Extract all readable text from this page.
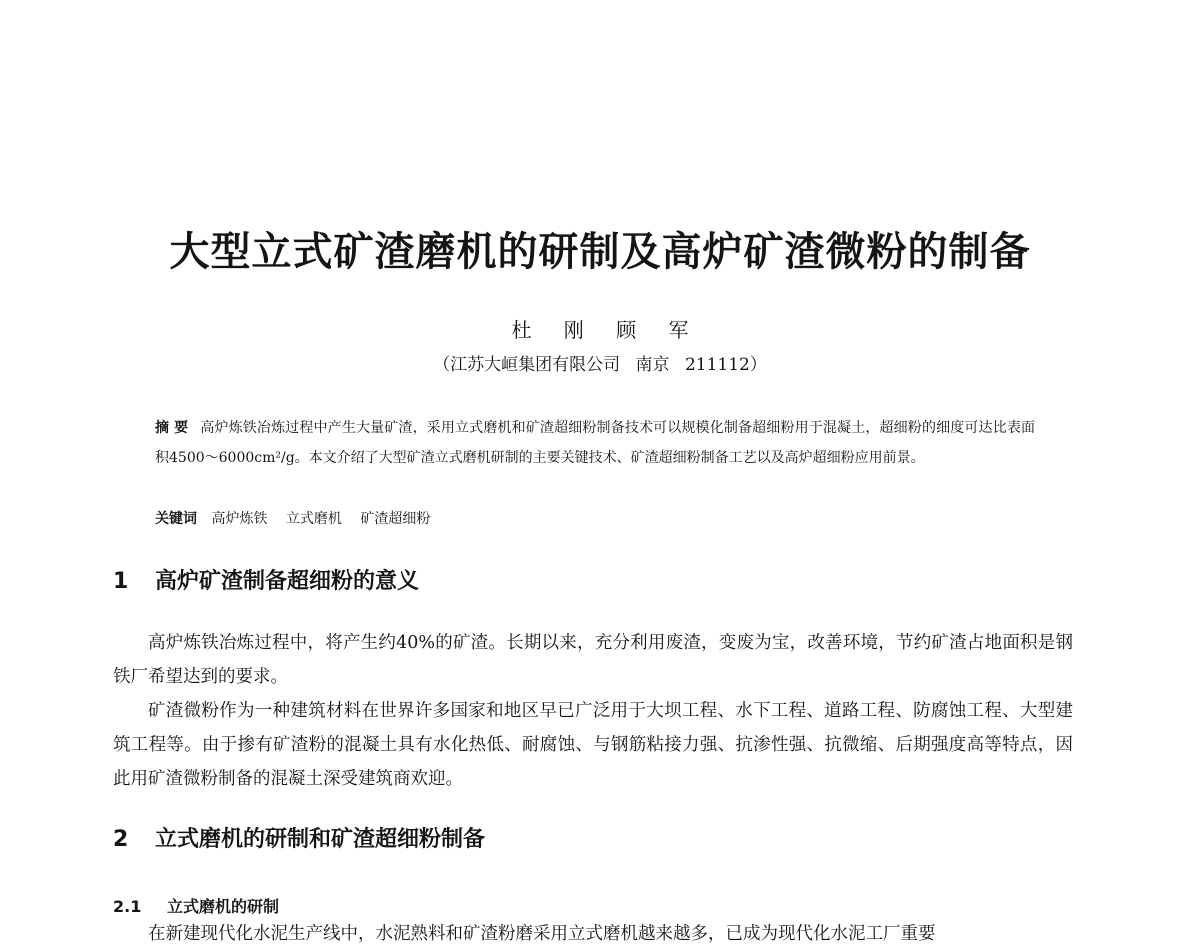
大型立式矿渣磨机的研制及高炉矿渣微粉的制备
杜 刚 顾 军
（江苏大峘集团有限公司 南京 211112）
摘 要 高炉炼铁冶炼过程中产生大量矿渣，采用立式磨机和矿渣超细粉制备技术可以规模化制备超细粉用于混凝土，超细粉的细度可达比表面积4500～6000cm²/g。本文介绍了大型矿渣立式磨机研制的主要关键技术、矿渣超细粉制备工艺以及高炉超细粉应用前景。
关键词 高炉炼铁 立式磨机 矿渣超细粉
1 高炉矿渣制备超细粉的意义

高炉炼铁冶炼过程中，将产生约40%的矿渣。长期以来，充分利用废渣，变废为宝，改善环境，节约矿渣占地面积是钢铁厂希望达到的要求。

矿渣微粉作为一种建筑材料在世界许多国家和地区早已广泛用于大坝工程、水下工程、道路工程、防腐蚀工程、大型建筑工程等。由于掺有矿渣粉的混凝土具有水化热低、耐腐蚀、与钢筋粘接力强、抗渗性强、抗微缩、后期强度高等特点，因此用矿渣微粉制备的混凝土深受建筑商欢迎。

2 立式磨机的研制和矿渣超细粉制备
2.1 立式磨机的研制

在新建现代化水泥生产线中，水泥熟料和矿渣粉磨采用立式磨机越来越多，已成为现代化水泥工厂重要
